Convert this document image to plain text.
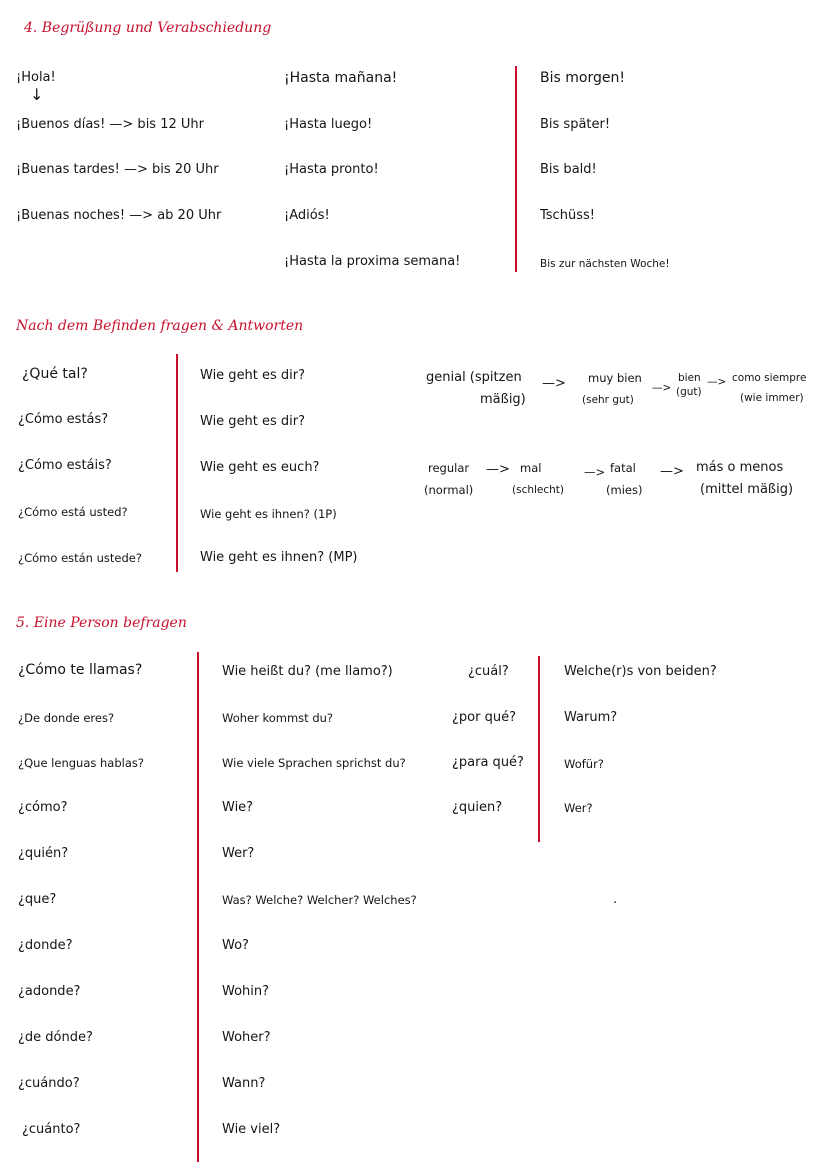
4. Begrüßung und Verabschiedung
¡Hola!
↓
¡Buenos días! —> bis 12 Uhr
¡Buenas tardes! —> bis 20 Uhr
¡Buenas noches! —> ab 20 Uhr
¡Hasta mañana!
¡Hasta luego!
¡Hasta pronto!
¡Adiós!
¡Hasta la proxima semana!
Bis morgen!
Bis später!
Bis bald!
Tschüss!
Bis zur nächsten Woche!
Nach dem Befinden fragen & Antworten
¿Qué tal?
¿Cómo estás?
¿Cómo estáis?
¿Cómo está usted?
¿Cómo están ustede?
Wie geht es dir?
Wie geht es dir?
Wie geht es euch?
Wie geht es ihnen? (1P)
Wie geht es ihnen? (MP)
genial (spitzen
mäßig)
—> muy bien
(sehr gut)
—>
bien
(gut)
—> como siempre
(wie immer)
regular
(normal)
—> mal
(schlecht)
—> fatal
(mies)
—> más o menos
(mittel mäßig)
5. Eine Person befragen
¿Cómo te llamas?
¿De donde eres?
¿Que lenguas hablas?
¿cómo?
¿quién?
¿que?
¿donde?
¿adonde?
¿de dónde?
¿cuándo?
¿cuánto?
Wie heißt du? (me llamo?)
Woher kommst du?
Wie viele Sprachen sprichst du?
Wie?
Wer?
Was? Welche? Welcher? Welches?
Wo?
Wohin?
Woher?
Wann?
Wie viel?
¿cuál?
¿por qué?
¿para qué?
¿quien?
Welche(r)s von beiden?
Warum?
Wofür?
Wer?
.
